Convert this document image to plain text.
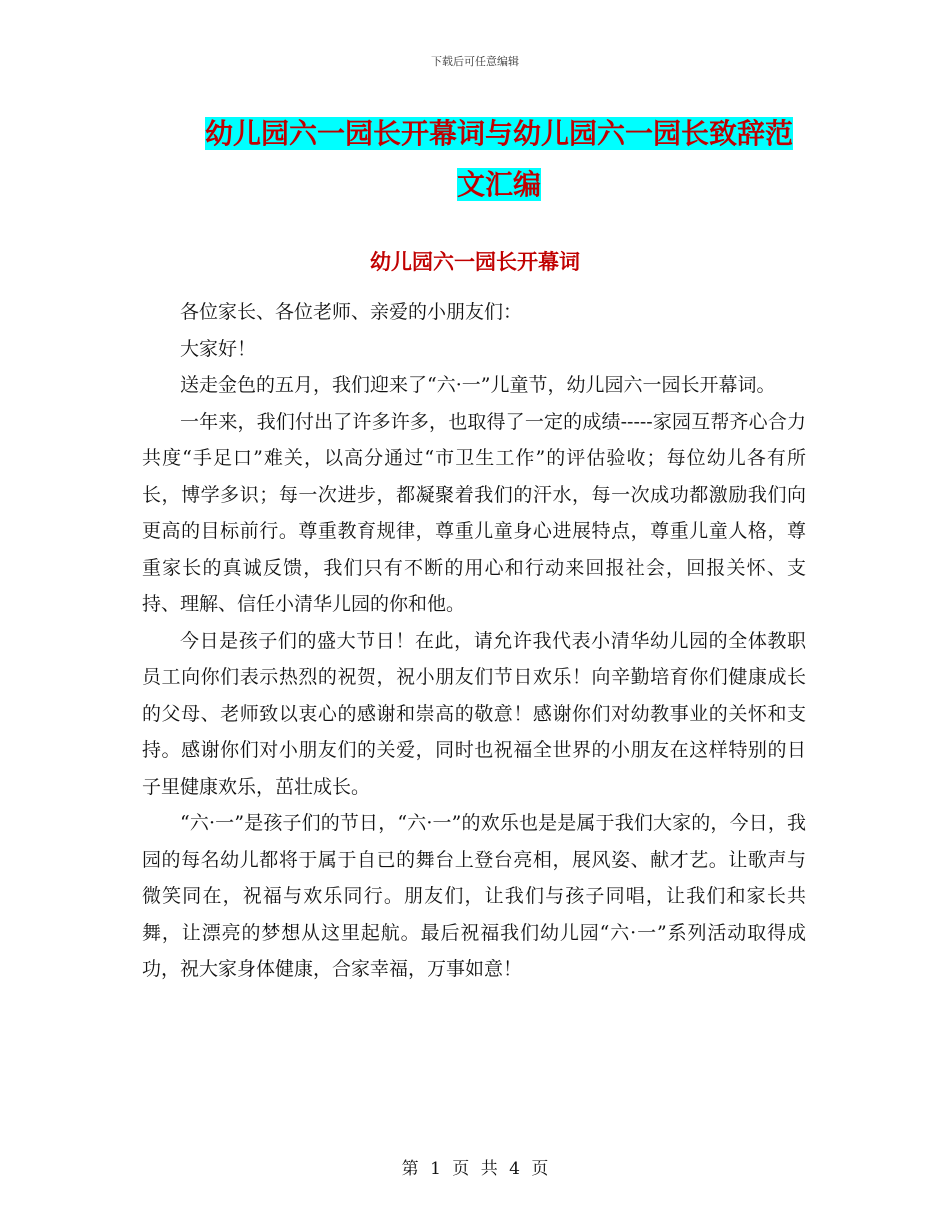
下载后可任意编辑
幼儿园六一园长开幕词与幼儿园六一园长致辞范文汇编
幼儿园六一园长开幕词

各位家长、各位老师、亲爱的小朋友们：

大家好！

送走金色的五月，我们迎来了“六·一”儿童节，幼儿园六一园长开幕词。

一年来，我们付出了许多许多，也取得了一定的成绩-----家园互帮齐心合力共度“手足口”难关，以高分通过“市卫生工作”的评估验收；每位幼儿各有所长，博学多识；每一次进步，都凝聚着我们的汗水，每一次成功都激励我们向更高的目标前行。尊重教育规律，尊重儿童身心进展特点，尊重儿童人格，尊重家长的真诚反馈，我们只有不断的用心和行动来回报社会，回报关怀、支持、理解、信任小清华儿园的你和他。

今日是孩子们的盛大节日！在此，请允许我代表小清华幼儿园的全体教职员工向你们表示热烈的祝贺，祝小朋友们节日欢乐！向辛勤培育你们健康成长的父母、老师致以衷心的感谢和崇高的敬意！感谢你们对幼教事业的关怀和支持。感谢你们对小朋友们的关爱，同时也祝福全世界的小朋友在这样特别的日子里健康欢乐，茁壮成长。

“六·一”是孩子们的节日，“六·一”的欢乐也是是属于我们大家的，今日，我园的每名幼儿都将于属于自已的舞台上登台亮相，展风姿、献才艺。让歌声与微笑同在，祝福与欢乐同行。朋友们，让我们与孩子同唱，让我们和家长共舞，让漂亮的梦想从这里起航。最后祝福我们幼儿园“六·一”系列活动取得成功，祝大家身体健康，合家幸福，万事如意！

第 1 页 共 4 页
